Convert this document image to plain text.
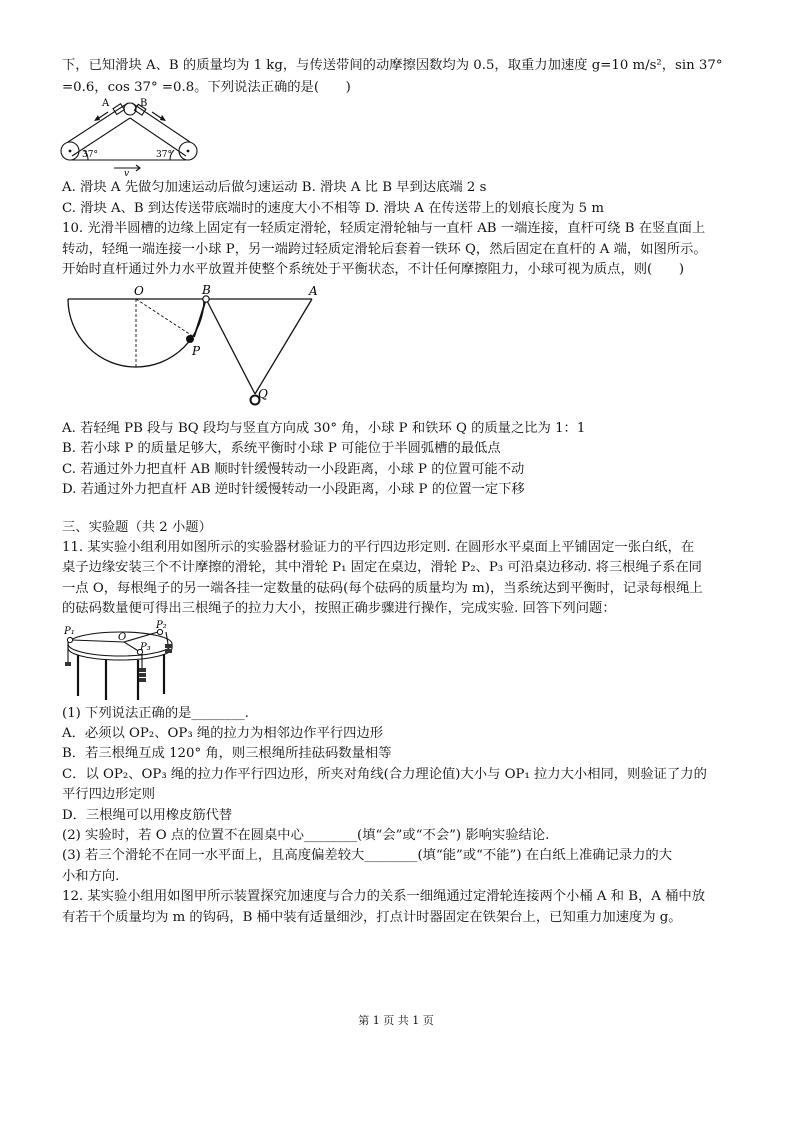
下，已知滑块 A、B 的质量均为 1 kg，与传送带间的动摩擦因数均为 0.5，取重力加速度 g=10 m/s²，sin 37°
=0.6，cos 37° =0.8。下列说法正确的是(　　)
A	B
37°	37°
v
A. 滑块 A 先做匀加速运动后做匀速运动 B. 滑块 A 比 B 早到达底端 2 s
C. 滑块 A、B 到达传送带底端时的速度大小不相等 D. 滑块 A 在传送带上的划痕长度为 5 m
10. 光滑半圆槽的边缘上固定有一轻质定滑轮，轻质定滑轮轴与一直杆 AB 一端连接，直杆可绕 B 在竖直面上
转动，轻绳一端连接一小球 P，另一端跨过轻质定滑轮后套着一铁环 Q，然后固定在直杆的 A 端，如图所示。
开始时直杆通过外力水平放置并使整个系统处于平衡状态，不计任何摩擦阻力，小球可视为质点，则(　　)
O	B	A
P
Q
A. 若轻绳 PB 段与 BQ 段均与竖直方向成 30° 角，小球 P 和铁环 Q 的质量之比为 1：1
B. 若小球 P 的质量足够大，系统平衡时小球 P 可能位于半圆弧槽的最低点
C. 若通过外力把直杆 AB 顺时针缓慢转动一小段距离，小球 P 的位置可能不动
D. 若通过外力把直杆 AB 逆时针缓慢转动一小段距离，小球 P 的位置一定下移
三、实验题（共 2 小题）
11. 某实验小组利用如图所示的实验器材验证力的平行四边形定则. 在圆形水平桌面上平铺固定一张白纸，在
桌子边缘安装三个不计摩擦的滑轮，其中滑轮 P₁ 固定在桌边，滑轮 P₂、P₃ 可沿桌边移动. 将三根绳子系在同
一点 O，每根绳子的另一端各挂一定数量的砝码(每个砝码的质量均为 m)，当系统达到平衡时，记录每根绳上
的砝码数量便可得出三根绳子的拉力大小，按照正确步骤进行操作，完成实验. 回答下列问题：
P₁
P₂
P₃
O
(1) 下列说法正确的是________.
A．必须以 OP₂、OP₃ 绳的拉力为相邻边作平行四边形
B．若三根绳互成 120° 角，则三根绳所挂砝码数量相等
C．以 OP₂、OP₃ 绳的拉力作平行四边形，所夹对角线(合力理论值)大小与 OP₁ 拉力大小相同，则验证了力的
平行四边形定则
D．三根绳可以用橡皮筋代替
(2) 实验时，若 O 点的位置不在圆桌中心________(填“会”或“不会”) 影响实验结论.
(3) 若三个滑轮不在同一水平面上，且高度偏差较大________(填“能”或“不能”) 在白纸上准确记录力的大
小和方向.
12. 某实验小组用如图甲所示装置探究加速度与合力的关系一细绳通过定滑轮连接两个小桶 A 和 B，A 桶中放
有若干个质量均为 m 的钩码，B 桶中装有适量细沙，打点计时器固定在铁架台上，已知重力加速度为 g。
第 1 页 共 1 页
